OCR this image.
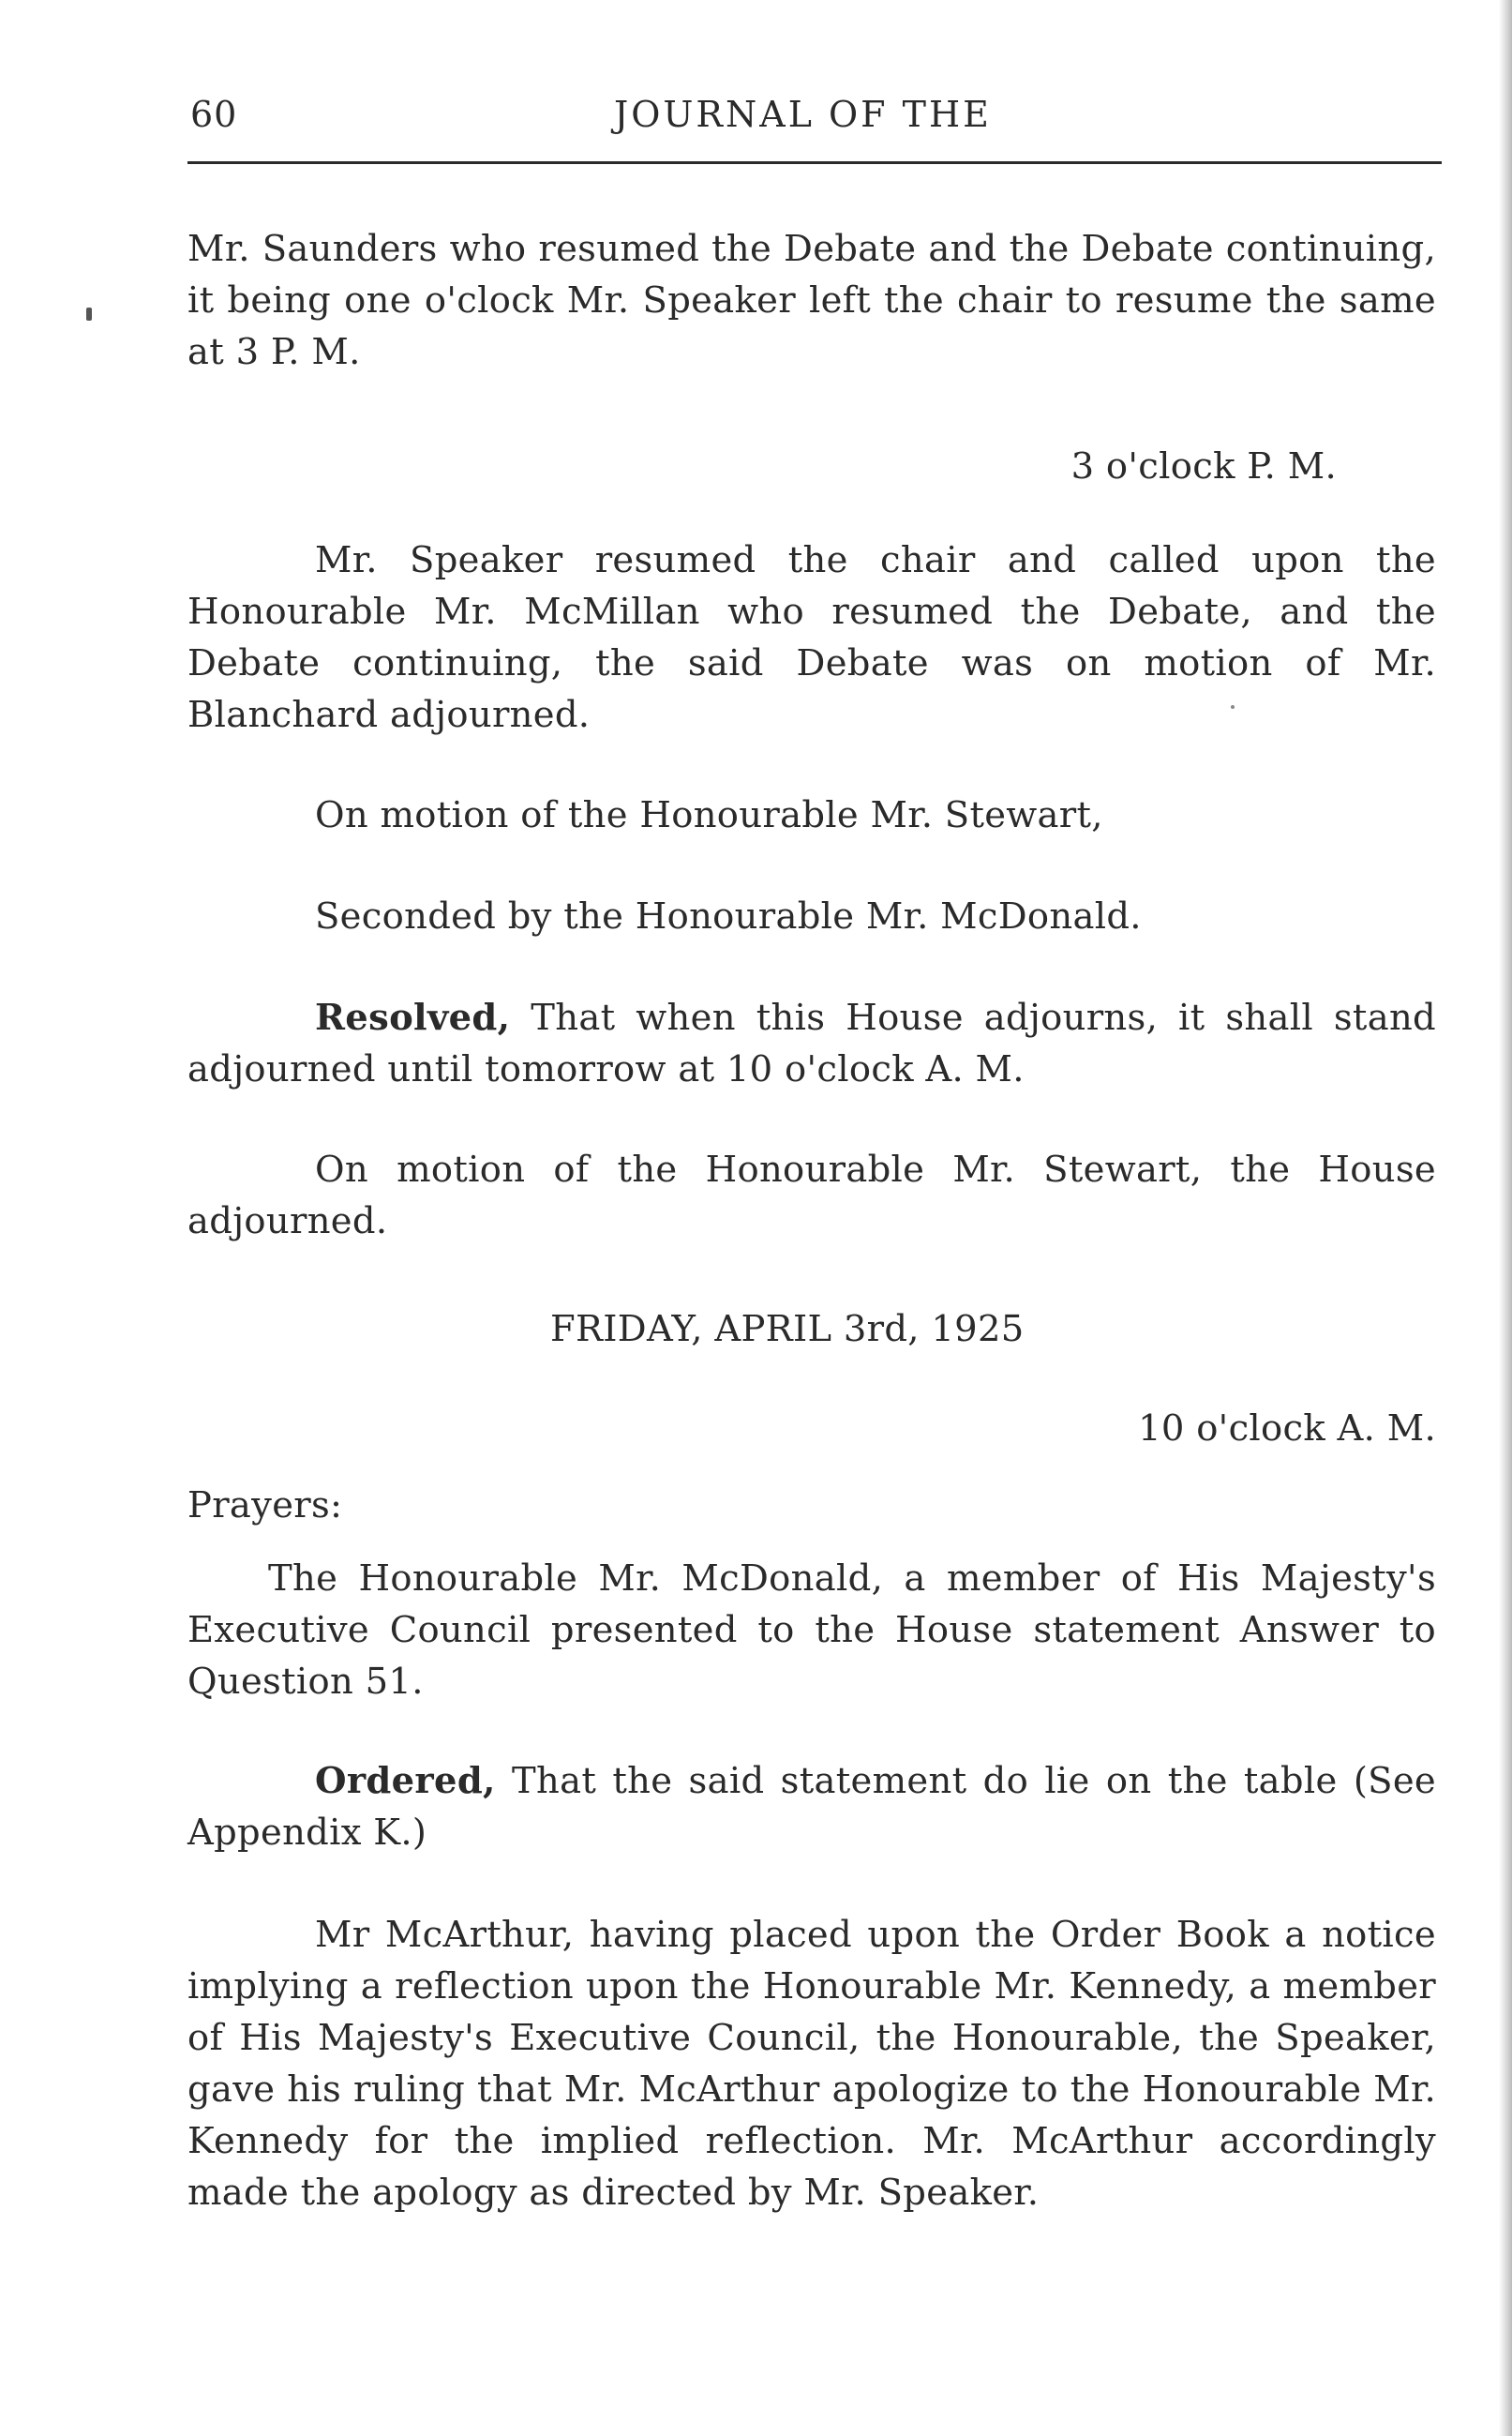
60	JOURNAL OF THE

Mr. Saunders who resumed the Debate and the Debate continuing, it being one o'clock Mr. Speaker left the chair to resume the same at 3 P. M.

3 o'clock P. M.

Mr. Speaker resumed the chair and called upon the Honourable Mr. McMillan who resumed the Debate, and the Debate continuing, the said Debate was on motion of Mr. Blanchard adjourned.

On motion of the Honourable Mr. Stewart,

Seconded by the Honourable Mr. McDonald.

Resolved, That when this House adjourns, it shall stand adjourned until tomorrow at 10 o'clock A. M.

On motion of the Honourable Mr. Stewart, the House adjourned.

FRIDAY, APRIL 3rd, 1925

10 o'clock A. M.

Prayers:

The Honourable Mr. McDonald, a member of His Majesty's Executive Council presented to the House statement Answer to Question 51.

Ordered, That the said statement do lie on the table (See Appendix K.)

Mr McArthur, having placed upon the Order Book a notice implying a reflection upon the Honourable Mr. Kennedy, a member of His Majesty's Executive Council, the Honourable, the Speaker, gave his ruling that Mr. McArthur apologize to the Honourable Mr. Kennedy for the implied reflection. Mr. McArthur accordingly made the apology as directed by Mr. Speaker.
